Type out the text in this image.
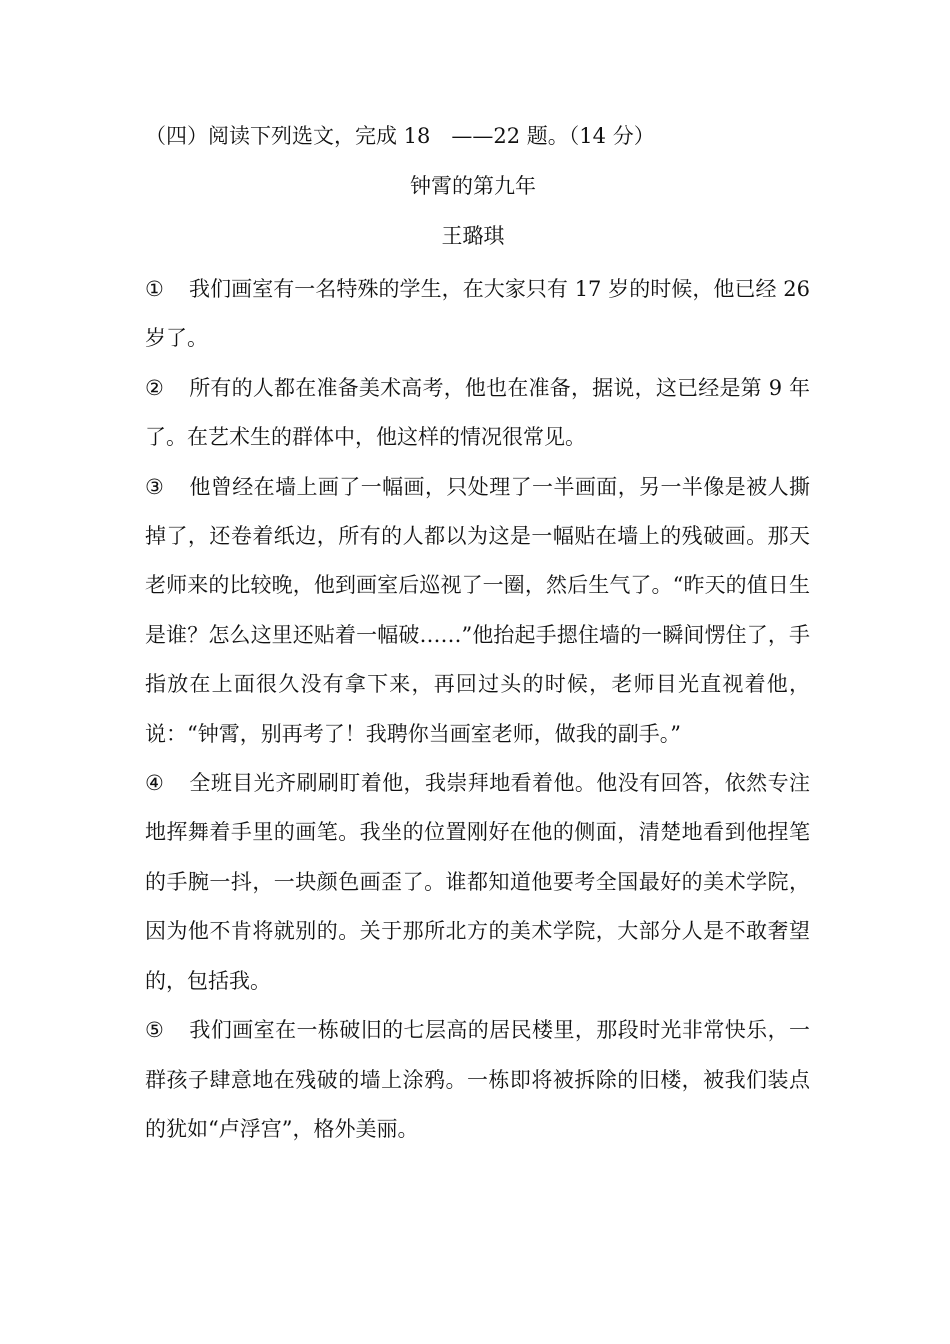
（四）阅读下列选文，完成 18　——22 题。（14 分）
钟霄的第九年
王璐琪

① 我们画室有一名特殊的学生，在大家只有 17 岁的时候，他已经 26 岁了。

② 所有的人都在准备美术高考，他也在准备，据说，这已经是第 9 年了。在艺术生的群体中，他这样的情况很常见。

③ 他曾经在墙上画了一幅画，只处理了一半画面，另一半像是被人撕掉了，还卷着纸边，所有的人都以为这是一幅贴在墙上的残破画。那天老师来的比较晚，他到画室后巡视了一圈，然后生气了。“昨天的值日生是谁？怎么这里还贴着一幅破……”他抬起手摁住墙的一瞬间愣住了，手指放在上面很久没有拿下来，再回过头的时候，老师目光直视着他，说：“钟霄，别再考了！我聘你当画室老师，做我的副手。”

④ 全班目光齐刷刷盯着他，我崇拜地看着他。他没有回答，依然专注地挥舞着手里的画笔。我坐的位置刚好在他的侧面，清楚地看到他捏笔的手腕一抖，一块颜色画歪了。谁都知道他要考全国最好的美术学院，因为他不肯将就别的。关于那所北方的美术学院，大部分人是不敢奢望的，包括我。

⑤ 我们画室在一栋破旧的七层高的居民楼里，那段时光非常快乐，一群孩子肆意地在残破的墙上涂鸦。一栋即将被拆除的旧楼，被我们装点的犹如“卢浮宫”，格外美丽。
